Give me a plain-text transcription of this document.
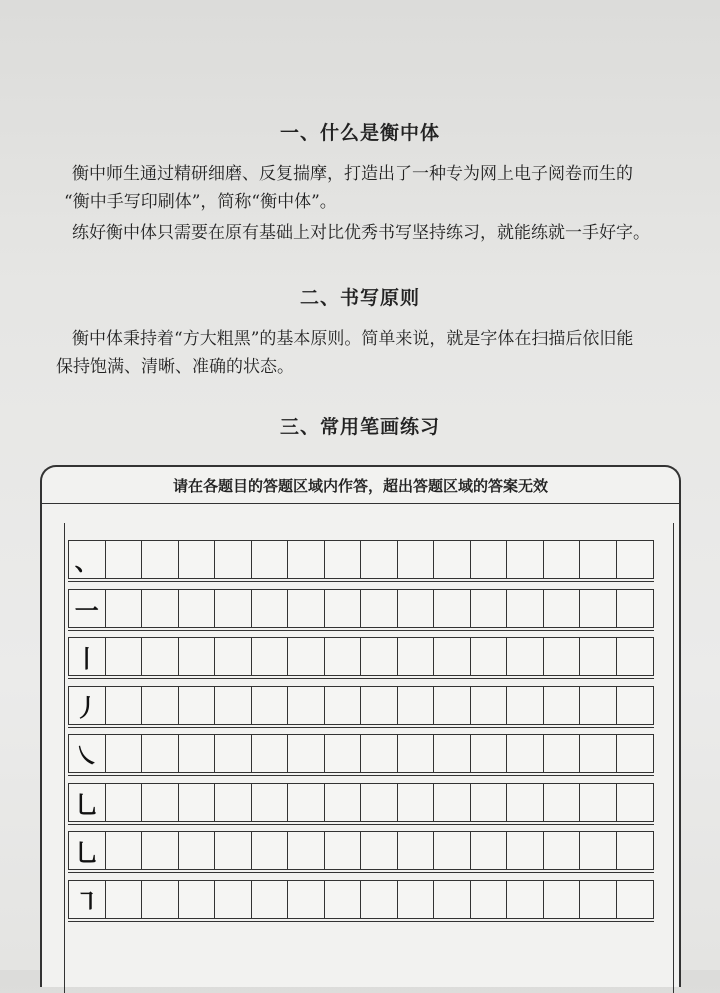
一、什么是衡中体
衡中师生通过精研细磨、反复揣摩，打造出了一种专为网上电子阅卷而生的
“衡中手写印刷体”，简称“衡中体”。
练好衡中体只需要在原有基础上对比优秀书写坚持练习，就能练就一手好字。
二、书写原则
衡中体秉持着“方大粗黑”的基本原则。简单来说，就是字体在扫描后依旧能
保持饱满、清晰、准确的状态。
三、常用笔画练习
请在各题目的答题区域内作答，超出答题区域的答案无效
、
一
丨
丿
㇏
乚
乚
㇕
